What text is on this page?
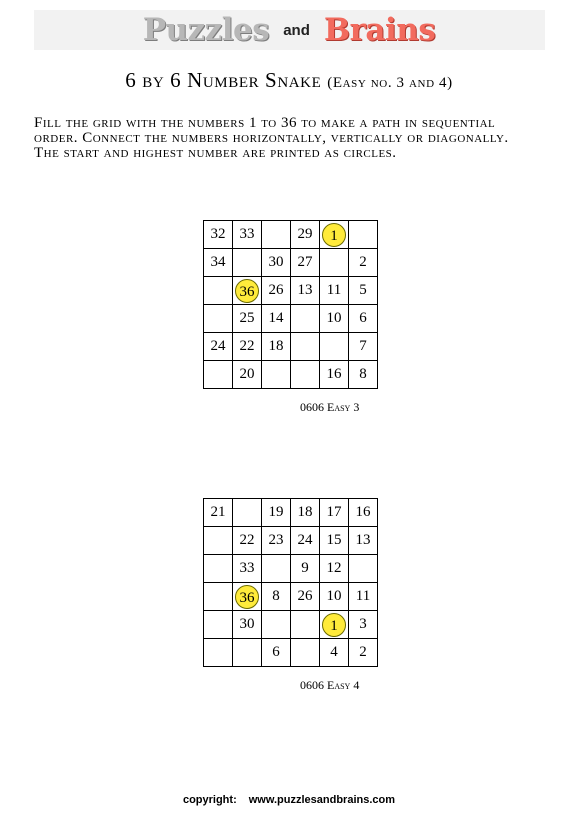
Puzzles and Brains
6 by 6 Number Snake (Easy no. 3 and 4)
Fill the grid with the numbers 1 to 36 to make a path in sequential
order. Connect the numbers horizontally, vertically or diagonally.
The start and highest number are printed as circles.
32	33		29	1	
34		30	27		2
	36	26	13	11	5
	25	14		10	6
24	22	18			7
	20			16	8
0606 Easy 3
21		19	18	17	16
	22	23	24	15	13
	33		9	12	
	36	8	26	10	11
	30			1	3
		6		4	2
0606 Easy 4
copyright: www.puzzlesandbrains.com
